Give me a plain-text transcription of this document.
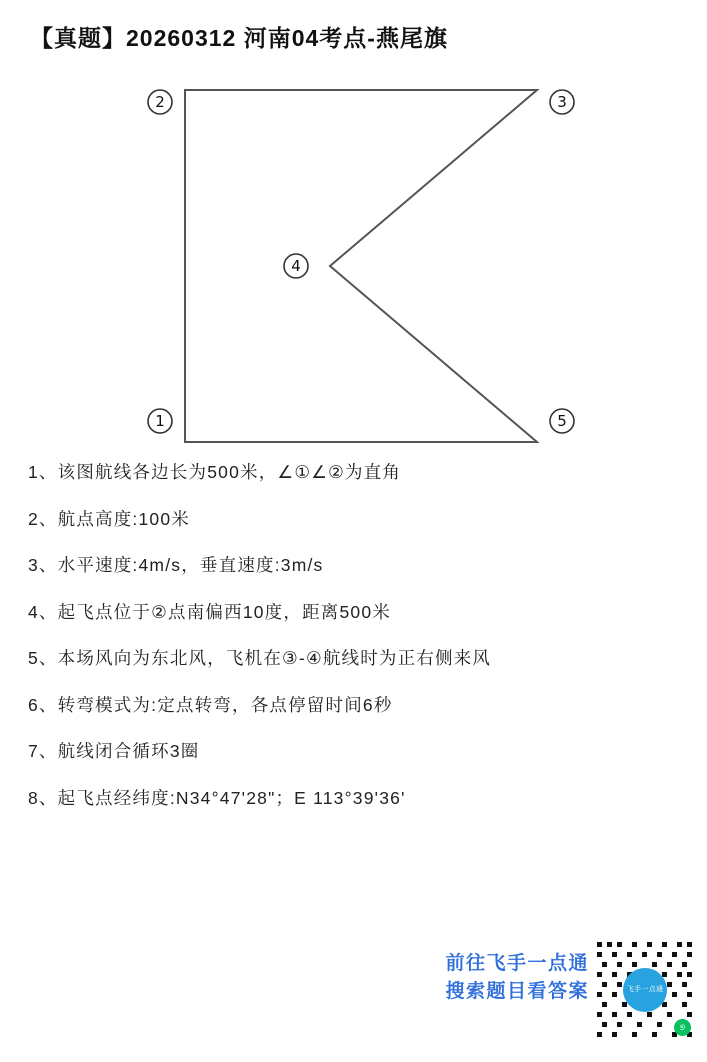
【真题】20260312 河南04考点-燕尾旗
2	3
4
1	5
1、该图航线各边长为500米，∠①∠②为直角
2、航点高度:100米
3、水平速度:4m/s，垂直速度:3m/s
4、起飞点位于②点南偏西10度，距离500米
5、本场风向为东北风，飞机在③-④航线时为正右侧来风
6、转弯模式为:定点转弯，各点停留时间6秒
7、航线闭合循环3圈
8、起飞点经纬度:N34°47'28"；E 113°39'36'
前往飞手一点通
搜索题目看答案	飞手一点通
୭
